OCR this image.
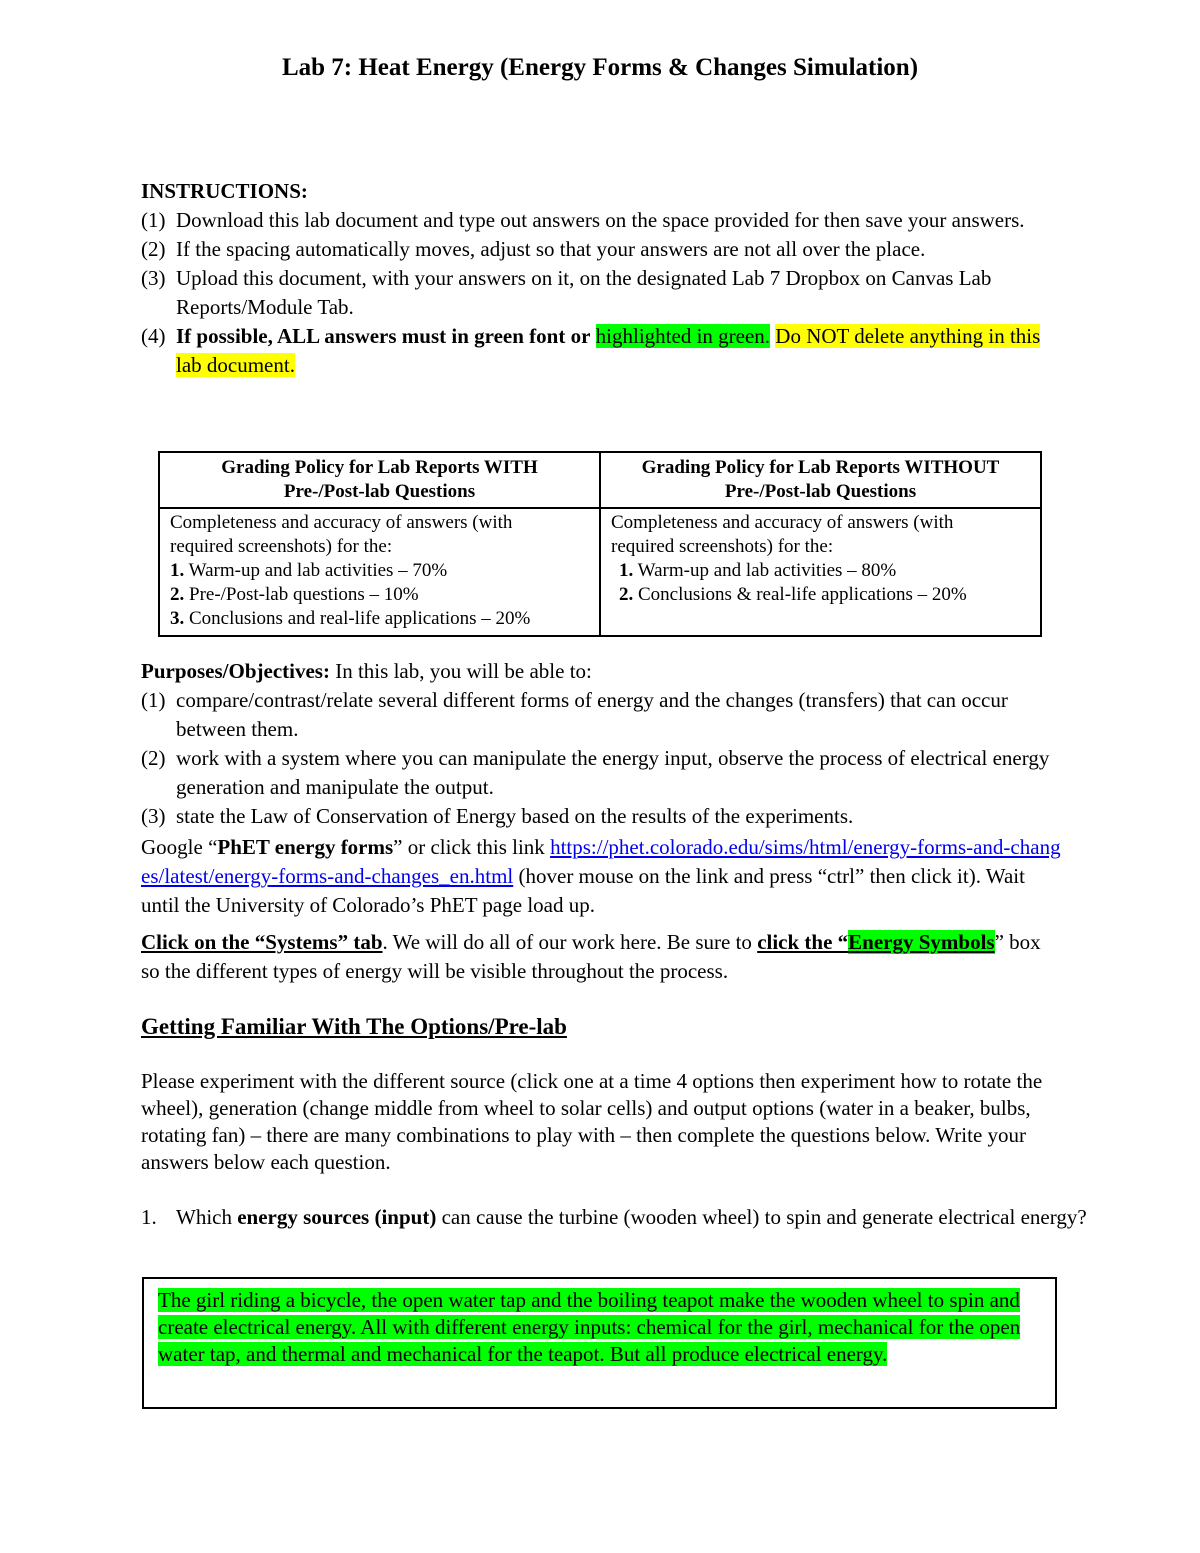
Lab 7: Heat Energy (Energy Forms & Changes Simulation)
INSTRUCTIONS:
(1) Download this lab document and type out answers on the space provided for then save your answers.
(2) If the spacing automatically moves, adjust so that your answers are not all over the place.
(3) Upload this document, with your answers on it, on the designated Lab 7 Dropbox on Canvas Lab Reports/Module Tab.
(4) If possible, ALL answers must in green font or highlighted in green. Do NOT delete anything in this lab document.
Grading Policy for Lab Reports WITH
Pre-/Post-lab Questions	Grading Policy for Lab Reports WITHOUT
Pre-/Post-lab Questions

Completeness and accuracy of answers (with
required screenshots) for the:
1. Warm-up and lab activities – 70%
2. Pre-/Post-lab questions – 10%
3. Conclusions and real-life applications – 20%	Completeness and accuracy of answers (with
required screenshots) for the:
1. Warm-up and lab activities – 80%
2. Conclusions & real-life applications – 20%
Purposes/Objectives: In this lab, you will be able to:
(1) compare/contrast/relate several different forms of energy and the changes (transfers) that can occur between them.
(2) work with a system where you can manipulate the energy input, observe the process of electrical energy generation and manipulate the output.
(3) state the Law of Conservation of Energy based on the results of the experiments.
Google “PhET energy forms” or click this link https://phet.colorado.edu/sims/html/energy-forms-and-changes/latest/energy-forms-and-changes_en.html (hover mouse on the link and press “ctrl” then click it). Wait until the University of Colorado’s PhET page load up.
Click on the “Systems” tab. We will do all of our work here. Be sure to click the “Energy Symbols” box so the different types of energy will be visible throughout the process.
Getting Familiar With The Options/Pre-lab
Please experiment with the different source (click one at a time 4 options then experiment how to rotate the wheel), generation (change middle from wheel to solar cells) and output options (water in a beaker, bulbs, rotating fan) – there are many combinations to play with – then complete the questions below. Write your answers below each question.
1. Which energy sources (input) can cause the turbine (wooden wheel) to spin and generate electrical energy?
The girl riding a bicycle, the open water tap and the boiling teapot make the wooden wheel to spin and create electrical energy. All with different energy inputs: chemical for the girl, mechanical for the open water tap, and thermal and mechanical for the teapot. But all produce electrical energy.
